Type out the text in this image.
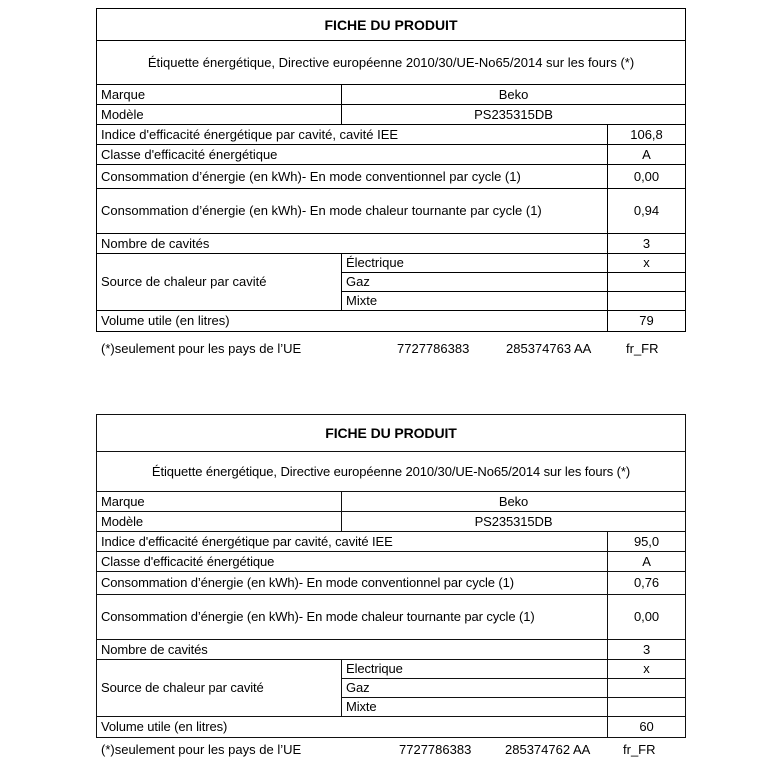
FICHE DU PRODUIT		
Étiquette énergétique, Directive européenne 2010/30/UE-No65/2014 sur les fours (*)		
Marque	Beko	
Modèle	PS235315DB	
Indice d'efficacité énergétique par cavité, cavité IEE		106,8
Classe d'efficacité énergétique		A
Consommation d’énergie (en kWh)- En mode conventionnel par cycle (1)		0,00
Consommation d’énergie (en kWh)- En mode chaleur tournante par cycle (1)		0,94
Nombre de cavités		3
Source de chaleur par cavité	Électrique	x
	Gaz	
	Mixte	
Volume utile (en litres)		79
(*)seulement pour les pays de l’UE	7727786383	285374763 AA	fr_FR
FICHE DU PRODUIT		
Étiquette énergétique, Directive européenne 2010/30/UE-No65/2014 sur les fours (*)		
Marque	Beko	
Modèle	PS235315DB	
Indice d'efficacité énergétique par cavité, cavité IEE		95,0
Classe d'efficacité énergétique		A
Consommation d’énergie (en kWh)- En mode conventionnel par cycle (1)		0,76
Consommation d’énergie (en kWh)- En mode chaleur tournante par cycle (1)		0,00
Nombre de cavités		3
Source de chaleur par cavité	Electrique	x
	Gaz	
	Mixte	
Volume utile (en litres)		60
(*)seulement pour les pays de l’UE	7727786383	285374762 AA	fr_FR
